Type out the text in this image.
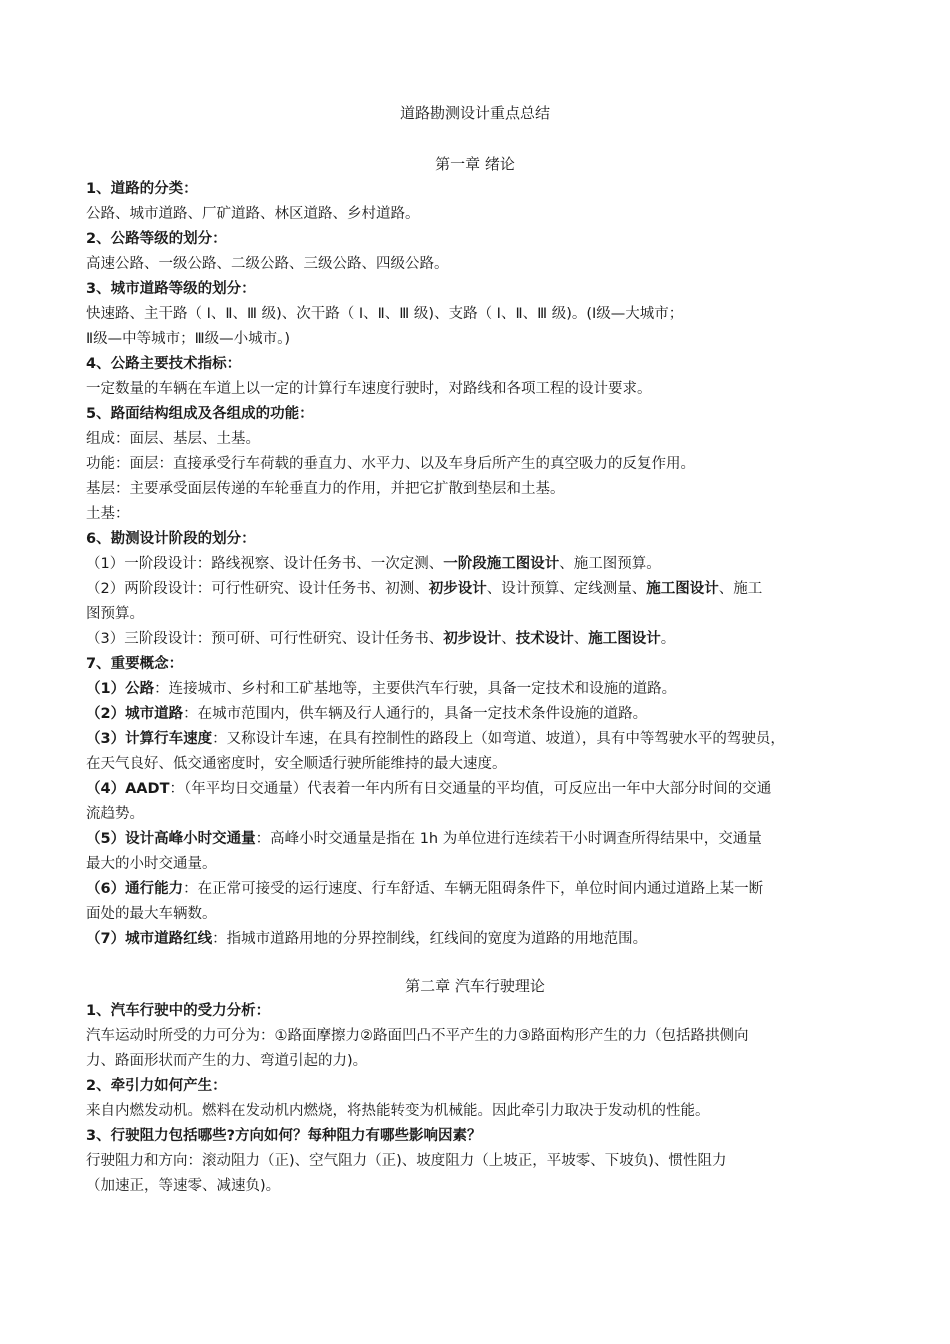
道路勘测设计重点总结
第一章 绪论

1、道路的分类：

公路、城市道路、厂矿道路、林区道路、乡村道路。

2、公路等级的划分：

高速公路、一级公路、二级公路、三级公路、四级公路。

3、城市道路等级的划分：

快速路、主干路（ Ⅰ、Ⅱ、Ⅲ 级)、次干路（ Ⅰ、Ⅱ、Ⅲ 级)、支路（ Ⅰ、Ⅱ、Ⅲ 级)。(Ⅰ级—大城市；

Ⅱ级—中等城市；Ⅲ级—小城市。)

4、公路主要技术指标：

一定数量的车辆在车道上以一定的计算行车速度行驶时，对路线和各项工程的设计要求。

5、路面结构组成及各组成的功能：

组成：面层、基层、土基。

功能：面层：直接承受行车荷载的垂直力、水平力、以及车身后所产生的真空吸力的反复作用。

基层：主要承受面层传递的车轮垂直力的作用，并把它扩散到垫层和土基。

土基：

6、勘测设计阶段的划分：

（1）一阶段设计：路线视察、设计任务书、一次定测、一阶段施工图设计、施工图预算。

（2）两阶段设计：可行性研究、设计任务书、初测、初步设计、设计预算、定线测量、施工图设计、施工

图预算。

（3）三阶段设计：预可研、可行性研究、设计任务书、初步设计、技术设计、施工图设计。

7、重要概念：

（1）公路：连接城市、乡村和工矿基地等，主要供汽车行驶，具备一定技术和设施的道路。

（2）城市道路：在城市范围内，供车辆及行人通行的，具备一定技术条件设施的道路。

（3）计算行车速度：又称设计车速，在具有控制性的路段上（如弯道、坡道），具有中等驾驶水平的驾驶员，

在天气良好、低交通密度时，安全顺适行驶所能维持的最大速度。

（4）AADT：（年平均日交通量）代表着一年内所有日交通量的平均值，可反应出一年中大部分时间的交通

流趋势。

（5）设计高峰小时交通量：高峰小时交通量是指在 1h 为单位进行连续若干小时调查所得结果中，交通量

最大的小时交通量。

（6）通行能力：在正常可接受的运行速度、行车舒适、车辆无阻碍条件下，单位时间内通过道路上某一断

面处的最大车辆数。

（7）城市道路红线：指城市道路用地的分界控制线，红线间的宽度为道路的用地范围。

第二章 汽车行驶理论

1、汽车行驶中的受力分析：

汽车运动时所受的力可分为：①路面摩擦力②路面凹凸不平产生的力③路面构形产生的力（包括路拱侧向

力、路面形状而产生的力、弯道引起的力)。

2、牵引力如何产生：

来自内燃发动机。燃料在发动机内燃烧，将热能转变为机械能。因此牵引力取决于发动机的性能。

3、行驶阻力包括哪些?方向如何？每种阻力有哪些影响因素？

行驶阻力和方向：滚动阻力（正)、空气阻力（正)、坡度阻力（上坡正，平坡零、下坡负)、惯性阻力

（加速正，等速零、减速负)。
